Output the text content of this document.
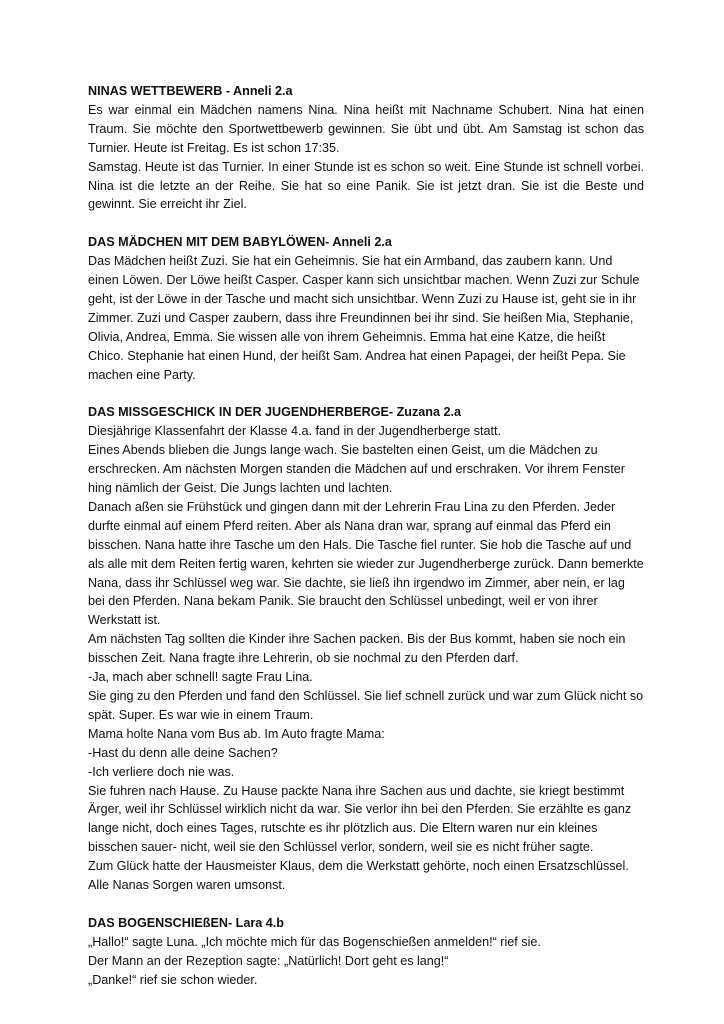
NINAS WETTBEWERB - Anneli 2.a

Es war einmal ein Mädchen namens Nina. Nina heißt mit Nachname Schubert. Nina hat einen Traum. Sie möchte den Sportwettbewerb gewinnen. Sie übt und übt. Am Samstag ist schon das Turnier. Heute ist Freitag. Es ist schon 17:35.

Samstag. Heute ist das Turnier. In einer Stunde ist es schon so weit. Eine Stunde ist schnell vorbei. Nina ist die letzte an der Reihe. Sie hat so eine Panik. Sie ist jetzt dran. Sie ist die Beste und gewinnt. Sie erreicht ihr Ziel.

DAS MÄDCHEN MIT DEM BABYLÖWEN- Anneli 2.a

Das Mädchen heißt Zuzi. Sie hat ein Geheimnis. Sie hat ein Armband, das zaubern kann. Und einen Löwen. Der Löwe heißt Casper. Casper kann sich unsichtbar machen. Wenn Zuzi zur Schule geht, ist der Löwe in der Tasche und macht sich unsichtbar. Wenn Zuzi zu Hause ist, geht sie in ihr Zimmer. Zuzi und Casper zaubern, dass ihre Freundinnen bei ihr sind. Sie heißen Mia, Stephanie, Olivia, Andrea, Emma. Sie wissen alle von ihrem Geheimnis. Emma hat eine Katze, die heißt Chico. Stephanie hat einen Hund, der heißt Sam. Andrea hat einen Papagei, der heißt Pepa. Sie machen eine Party.

DAS MISSGESCHICK IN DER JUGENDHERBERGE- Zuzana 2.a

Diesjährige Klassenfahrt der Klasse 4.a. fand in der Jugendherberge statt.

Eines Abends blieben die Jungs lange wach. Sie bastelten einen Geist, um die Mädchen zu erschrecken. Am nächsten Morgen standen die Mädchen auf und erschraken. Vor ihrem Fenster hing nämlich der Geist. Die Jungs lachten und lachten.

Danach aßen sie Frühstück und gingen dann mit der Lehrerin Frau Lina zu den Pferden. Jeder durfte einmal auf einem Pferd reiten. Aber als Nana dran war, sprang auf einmal das Pferd ein bisschen. Nana hatte ihre Tasche um den Hals. Die Tasche fiel runter. Sie hob die Tasche auf und als alle mit dem Reiten fertig waren, kehrten sie wieder zur Jugendherberge zurück. Dann bemerkte Nana, dass ihr Schlüssel weg war. Sie dachte, sie ließ ihn irgendwo im Zimmer, aber nein, er lag bei den Pferden. Nana bekam Panik. Sie braucht den Schlüssel unbedingt, weil er von ihrer Werkstatt ist.

Am nächsten Tag sollten die Kinder ihre Sachen packen. Bis der Bus kommt, haben sie noch ein bisschen Zeit. Nana fragte ihre Lehrerin, ob sie nochmal zu den Pferden darf.

-Ja, mach aber schnell! sagte Frau Lina.

Sie ging zu den Pferden und fand den Schlüssel. Sie lief schnell zurück und war zum Glück nicht so spät. Super. Es war wie in einem Traum.

Mama holte Nana vom Bus ab. Im Auto fragte Mama:

-Hast du denn alle deine Sachen?

-Ich verliere doch nie was.

Sie fuhren nach Hause. Zu Hause packte Nana ihre Sachen aus und dachte, sie kriegt bestimmt Ärger, weil ihr Schlüssel wirklich nicht da war. Sie verlor ihn bei den Pferden. Sie erzählte es ganz lange nicht, doch eines Tages, rutschte es ihr plötzlich aus. Die Eltern waren nur ein kleines bisschen sauer- nicht, weil sie den Schlüssel verlor, sondern, weil sie es nicht früher sagte.

Zum Glück hatte der Hausmeister Klaus, dem die Werkstatt gehörte, noch einen Ersatzschlüssel. Alle Nanas Sorgen waren umsonst.

DAS BOGENSCHIEßEN- Lara 4.b

„Hallo!“ sagte Luna. „Ich möchte mich für das Bogenschießen anmelden!“ rief sie.

Der Mann an der Rezeption sagte: „Natürlich! Dort geht es lang!“

„Danke!“ rief sie schon wieder.
